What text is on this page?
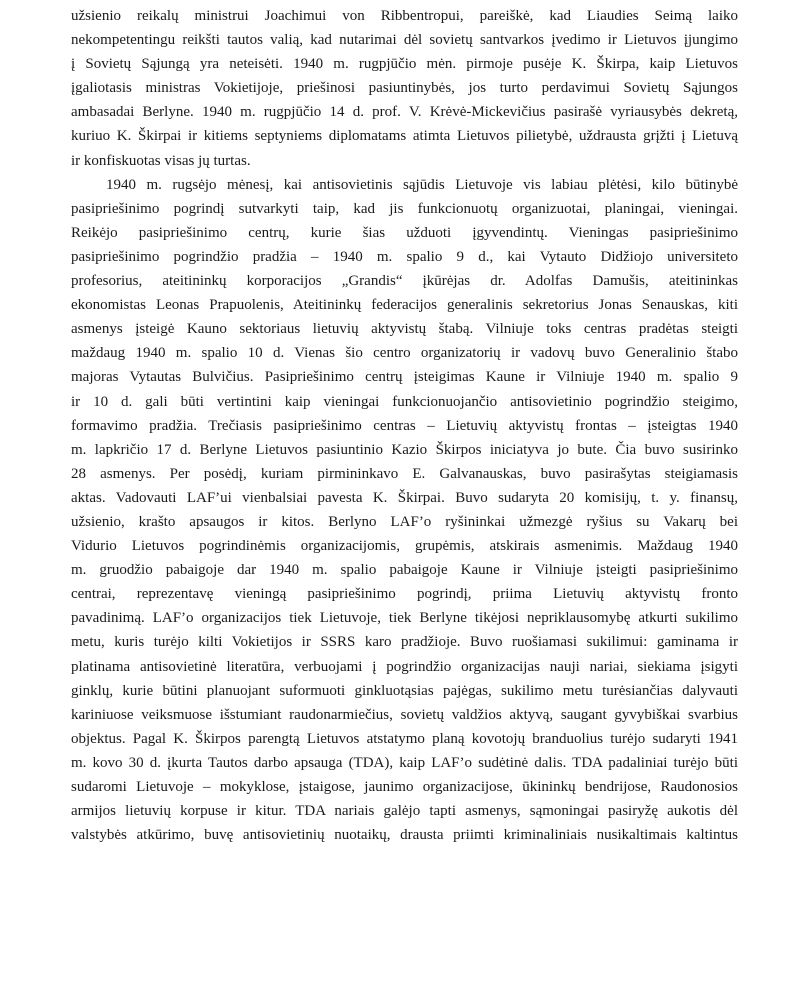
užsienio reikalų ministrui Joachimui von Ribbentropui, pareiškė, kad Liaudies Seimą laiko
nekompetentingu reikšti tautos valią, kad nutarimai dėl sovietų santvarkos įvedimo ir Lietuvos įjungimo
į Sovietų Sąjungą yra neteisėti. 1940 m. rugpjūčio mėn. pirmoje pusėje K. Škirpa, kaip Lietuvos
įgaliotasis ministras Vokietijoje, priešinosi pasiuntinybės, jos turto perdavimui Sovietų Sąjungos
ambasadai Berlyne. 1940 m. rugpjūčio 14 d. prof. V. Krėvė-Mickevičius pasirašė vyriausybės dekretą,
kuriuo K. Škirpai ir kitiems septyniems diplomatams atimta Lietuvos pilietybė, uždrausta grįžti į Lietuvą
ir konfiskuotas visas jų turtas.
1940 m. rugsėjo mėnesį, kai antisovietinis sąjūdis Lietuvoje vis labiau plėtėsi, kilo būtinybė
pasipriešinimo pogrindį sutvarkyti taip, kad jis funkcionuotų organizuotai, planingai, vieningai.
Reikėjo pasipriešinimo centrų, kurie šias užduoti įgyvendintų. Vieningas pasipriešinimo
pasipriešinimo pogrindžio pradžia – 1940 m. spalio 9 d., kai Vytauto Didžiojo universiteto
profesorius, ateitininkų korporacijos „Grandis“ įkūrėjas dr. Adolfas Damušis, ateitininkas
ekonomistas Leonas Prapuolenis, Ateitininkų federacijos generalinis sekretorius Jonas Senauskas, kiti
asmenys įsteigė Kauno sektoriaus lietuvių aktyvistų štabą. Vilniuje toks centras pradėtas steigti
maždaug 1940 m. spalio 10 d. Vienas šio centro organizatorių ir vadovų buvo Generalinio štabo
majoras Vytautas Bulvičius. Pasipriešinimo centrų įsteigimas Kaune ir Vilniuje 1940 m. spalio 9
ir 10 d. gali būti vertintini kaip vieningai funkcionuojančio antisovietinio pogrindžio steigimo,
formavimo pradžia. Trečiasis pasipriešinimo centras – Lietuvių aktyvistų frontas – įsteigtas 1940
m. lapkričio 17 d. Berlyne Lietuvos pasiuntinio Kazio Škirpos iniciatyva jo bute. Čia buvo susirinko
28 asmenys. Per posėdį, kuriam pirmininkavo E. Galvanauskas, buvo pasirašytas steigiamasis
aktas. Vadovauti LAF’ui vienbalsiai pavesta K. Škirpai. Buvo sudaryta 20 komisijų, t. y. finansų,
užsienio, krašto apsaugos ir kitos. Berlyno LAF’o ryšininkai užmezgė ryšius su Vakarų bei
Vidurio Lietuvos pogrindinėmis organizacijomis, grupėmis, atskirais asmenimis. Maždaug 1940
m. gruodžio pabaigoje dar 1940 m. spalio pabaigoje Kaune ir Vilniuje įsteigti pasipriešinimo
centrai, reprezentavę vieningą pasipriešinimo pogrindį, priima Lietuvių aktyvistų fronto
pavadinimą. LAF’o organizacijos tiek Lietuvoje, tiek Berlyne tikėjosi nepriklausomybę atkurti sukilimo
metu, kuris turėjo kilti Vokietijos ir SSRS karo pradžioje. Buvo ruošiamasi sukilimui: gaminama ir
platinama antisovietinė literatūra, verbuojami į pogrindžio organizacijas nauji nariai, siekiama įsigyti
ginklų, kurie būtini planuojant suformuoti ginkluotąsias pajėgas, sukilimo metu turėsiančias dalyvauti
kariniuose veiksmuose išstumiant raudonarmiečius, sovietų valdžios aktyvą, saugant gyvybiškai svarbius
objektus. Pagal K. Škirpos parengtą Lietuvos atstatymo planą kovotojų branduolius turėjo sudaryti 1941
m. kovo 30 d. įkurta Tautos darbo apsauga (TDA), kaip LAF’o sudėtinė dalis. TDA padaliniai turėjo būti
sudaromi Lietuvoje – mokyklose, įstaigose, jaunimo organizacijose, ūkininkų bendrijose, Raudonosios
armijos lietuvių korpuse ir kitur. TDA nariais galėjo tapti asmenys, sąmoningai pasiryžę aukotis dėl
valstybės atkūrimo, buvę antisovietinių nuotaikų, drausta priimti kriminaliniais nusikaltimais kaltintus
